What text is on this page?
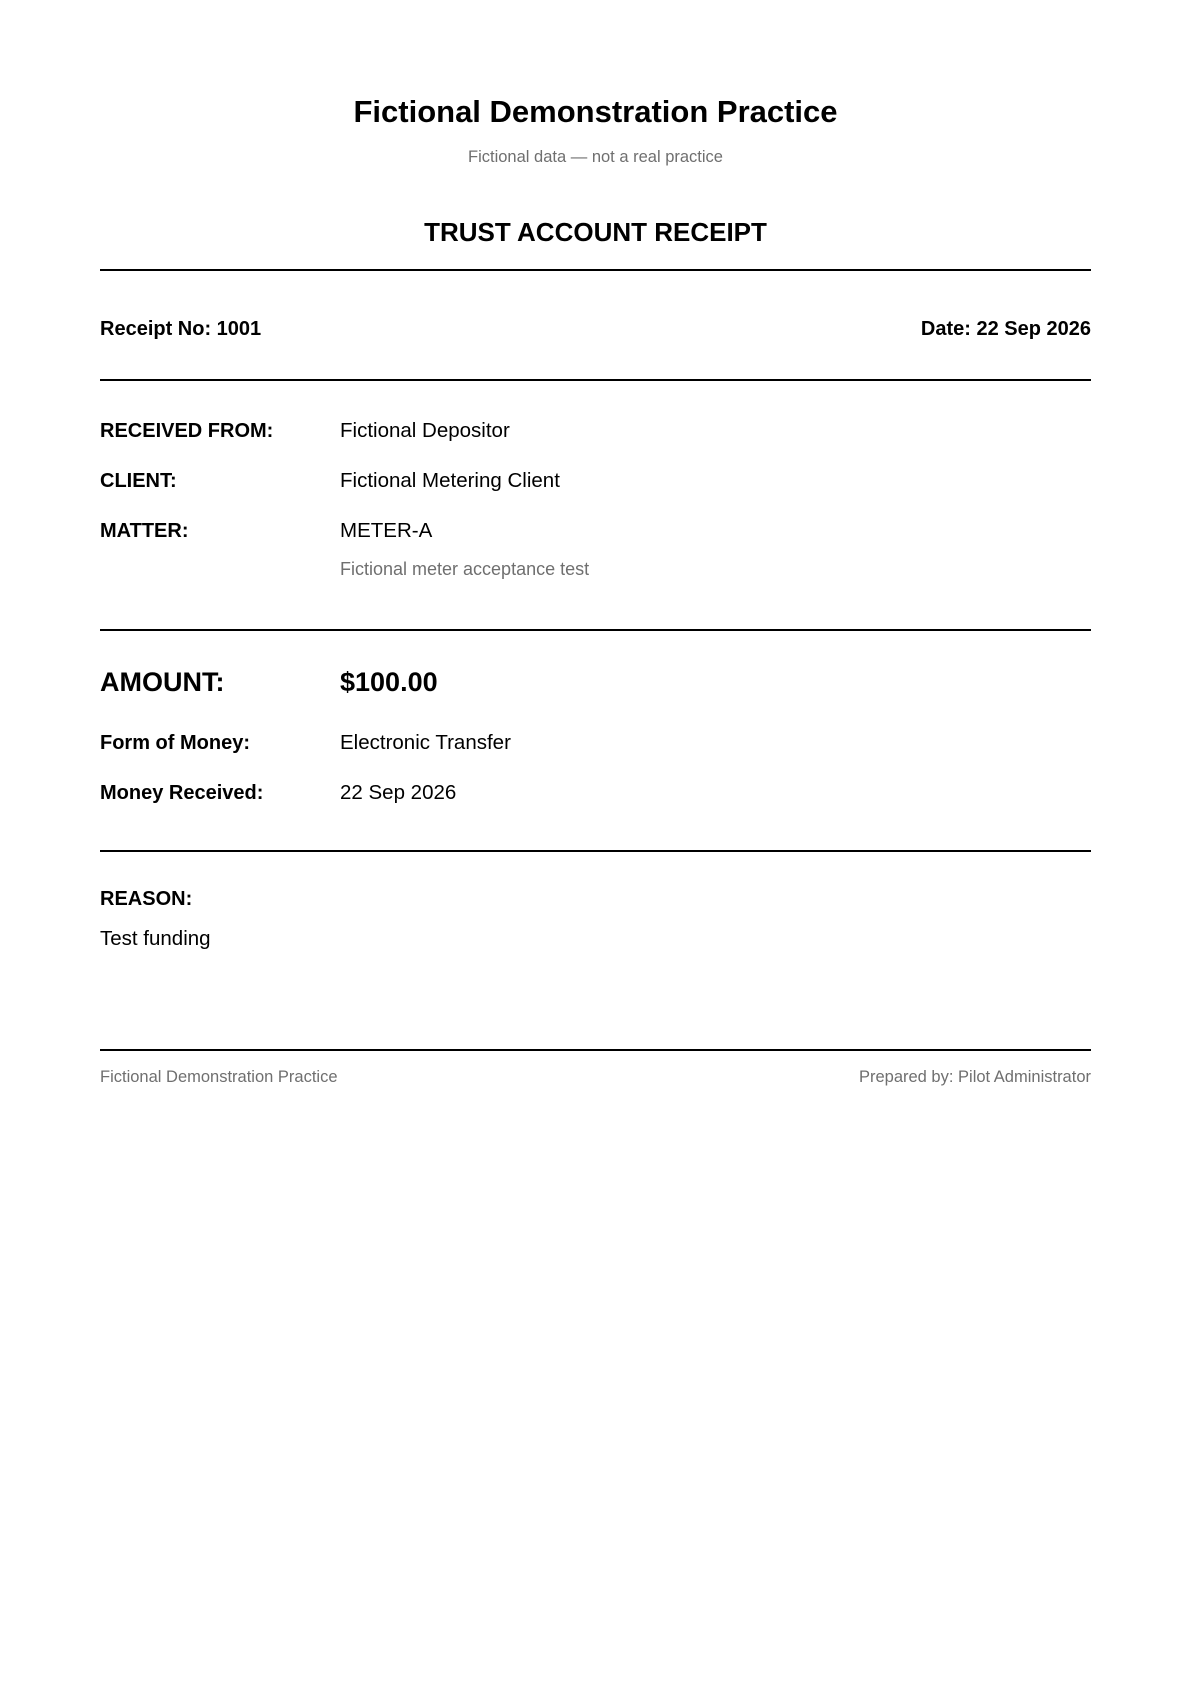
Fictional Demonstration Practice
Fictional data — not a real practice
TRUST ACCOUNT RECEIPT
Receipt No: 1001	Date: 22 Sep 2026
RECEIVED FROM:	Fictional Depositor
CLIENT:	Fictional Metering Client
MATTER:	METER-A
Fictional meter acceptance test
AMOUNT:	$100.00
Form of Money:	Electronic Transfer
Money Received:	22 Sep 2026
REASON:
Test funding
Fictional Demonstration Practice	Prepared by: Pilot Administrator
